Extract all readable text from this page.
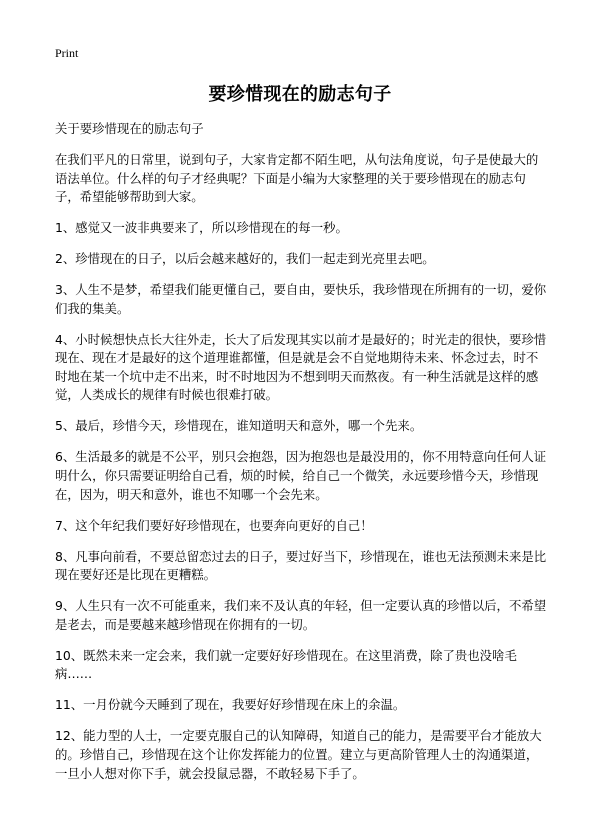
Print
要珍惜现在的励志句子

关于要珍惜现在的励志句子

在我们平凡的日常里，说到句子，大家肯定都不陌生吧，从句法角度说，句子是使最大的语法单位。什么样的句子才经典呢？下面是小编为大家整理的关于要珍惜现在的励志句子，希望能够帮助到大家。

1、感觉又一波非典要来了，所以珍惜现在的每一秒。

2、珍惜现在的日子，以后会越来越好的，我们一起走到光亮里去吧。

3、人生不是梦，希望我们能更懂自己，要自由，要快乐，我珍惜现在所拥有的一切，爱你们我的集美。

4、小时候想快点长大往外走，长大了后发现其实以前才是最好的；时光走的很快，要珍惜现在、现在才是最好的这个道理谁都懂，但是就是会不自觉地期待未来、怀念过去，时不时地在某一个坑中走不出来，时不时地因为不想到明天而熬夜。有一种生活就是这样的感觉，人类成长的规律有时候也很难打破。

5、最后，珍惜今天，珍惜现在，谁知道明天和意外，哪一个先来。

6、生活最多的就是不公平，别只会抱怨，因为抱怨也是最没用的，你不用特意向任何人证明什么，你只需要证明给自己看，烦的时候，给自己一个微笑，永远要珍惜今天，珍惜现在，因为，明天和意外，谁也不知哪一个会先来。

7、这个年纪我们要好好珍惜现在，也要奔向更好的自己！

8、凡事向前看，不要总留恋过去的日子，要过好当下，珍惜现在，谁也无法预测未来是比现在要好还是比现在更糟糕。

9、人生只有一次不可能重来，我们来不及认真的年轻，但一定要认真的珍惜以后，不希望是老去，而是要越来越珍惜现在你拥有的一切。

10、既然未来一定会来，我们就一定要好好珍惜现在。在这里消费，除了贵也没啥毛病……

11、一月份就今天睡到了现在，我要好好珍惜现在床上的余温。

12、能力型的人士，一定要克服自己的认知障碍，知道自己的能力，是需要平台才能放大的。珍惜自己，珍惜现在这个让你发挥能力的位置。建立与更高阶管理人士的沟通渠道，一旦小人想对你下手，就会投鼠忌器，不敢轻易下手了。
